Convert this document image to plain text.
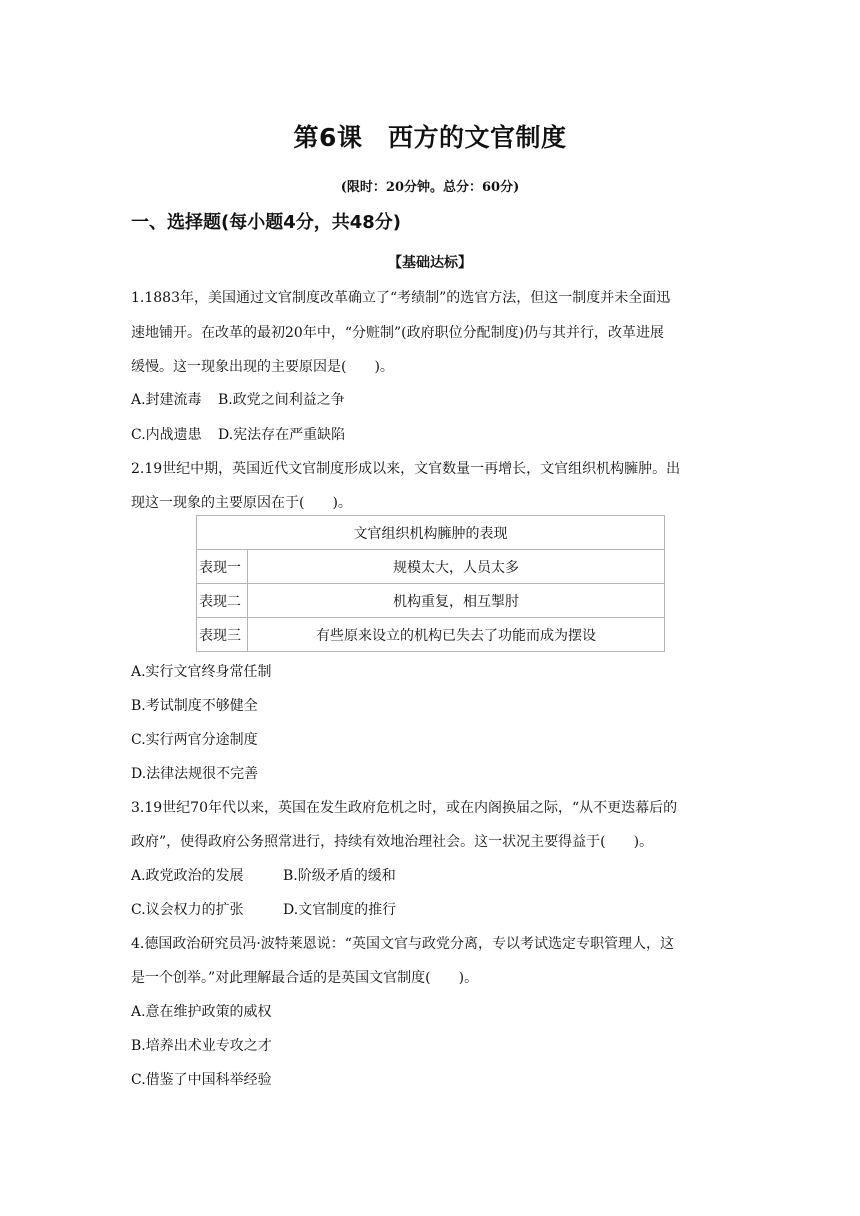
第6课　西方的文官制度
(限时：20分钟。总分：60分)
一、选择题(每小题4分，共48分)
【基础达标】
1.1883年，美国通过文官制度改革确立了“考绩制”的选官方法，但这一制度并未全面迅
速地铺开。在改革的最初20年中，“分赃制”(政府职位分配制度)仍与其并行，改革进展
缓慢。这一现象出现的主要原因是(　　)。
A.封建流毒 B.政党之间利益之争
C.内战遗患 D.宪法存在严重缺陷
2.19世纪中期，英国近代文官制度形成以来，文官数量一再增长，文官组织机构臃肿。出
现这一现象的主要原因在于(　　)。
文官组织机构臃肿的表现	
表现一	规模太大，人员太多
表现二	机构重复，相互掣肘
表现三	有些原来设立的机构已失去了功能而成为摆设
A.实行文官终身常任制
B.考试制度不够健全
C.实行两官分途制度
D.法律法规很不完善
3.19世纪70年代以来，英国在发生政府危机之时，或在内阁换届之际，“从不更迭幕后的
政府”，使得政府公务照常进行，持续有效地治理社会。这一状况主要得益于(　　)。
A.政党政治的发展	B.阶级矛盾的缓和
C.议会权力的扩张	D.文官制度的推行
4.德国政治研究员冯·波特莱恩说：“英国文官与政党分离，专以考试选定专职管理人，这
是一个创举。”对此理解最合适的是英国文官制度(　　)。
A.意在维护政策的威权
B.培养出术业专攻之才
C.借鉴了中国科举经验
